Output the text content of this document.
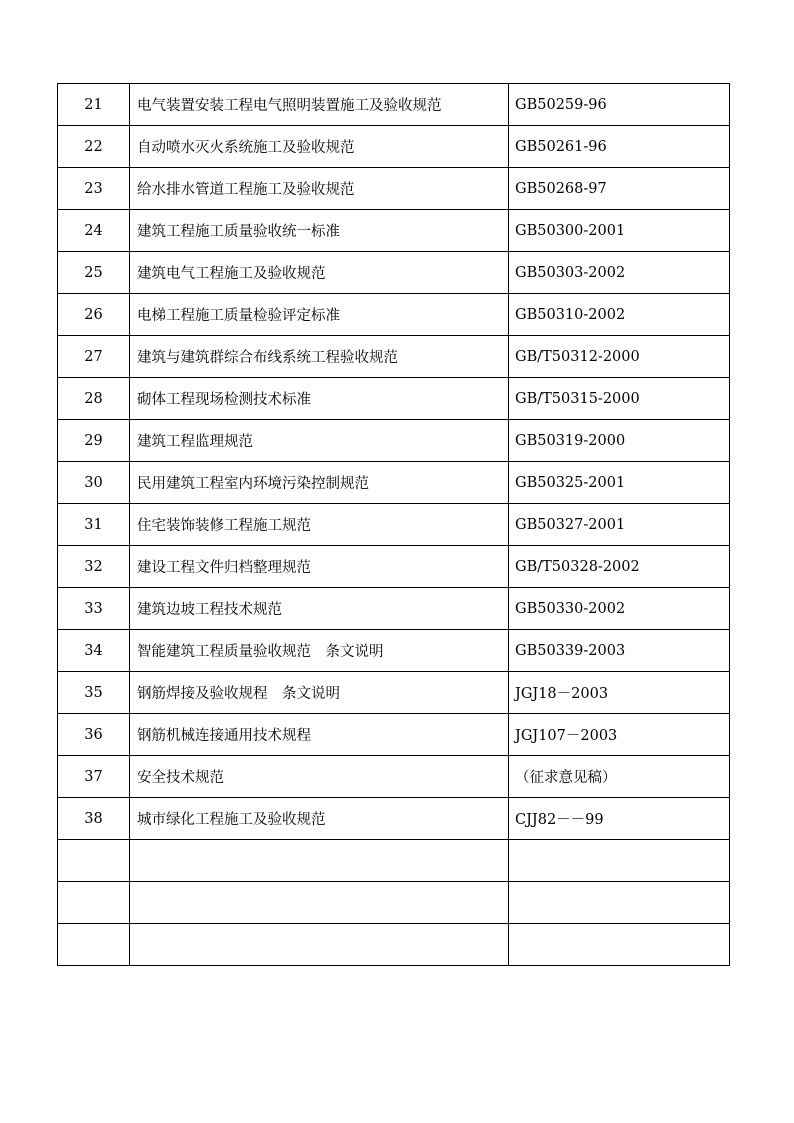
21	电气装置安装工程电气照明装置施工及验收规范	GB50259-96
22	自动喷水灭火系统施工及验收规范	GB50261-96
23	给水排水管道工程施工及验收规范	GB50268-97
24	建筑工程施工质量验收统一标准	GB50300-2001
25	建筑电气工程施工及验收规范	GB50303-2002
26	电梯工程施工质量检验评定标准	GB50310-2002
27	建筑与建筑群综合布线系统工程验收规范	GB/T50312-2000
28	砌体工程现场检测技术标准	GB/T50315-2000
29	建筑工程监理规范	GB50319-2000
30	民用建筑工程室内环境污染控制规范	GB50325-2001
31	住宅装饰装修工程施工规范	GB50327-2001
32	建设工程文件归档整理规范	GB/T50328-2002
33	建筑边坡工程技术规范	GB50330-2002
34	智能建筑工程质量验收规范　条文说明	GB50339-2003
35	钢筋焊接及验收规程　条文说明	JGJ18－2003
36	钢筋机械连接通用技术规程	JGJ107－2003
37	安全技术规范	（征求意见稿）
38	城市绿化工程施工及验收规范	CJJ82－－99
